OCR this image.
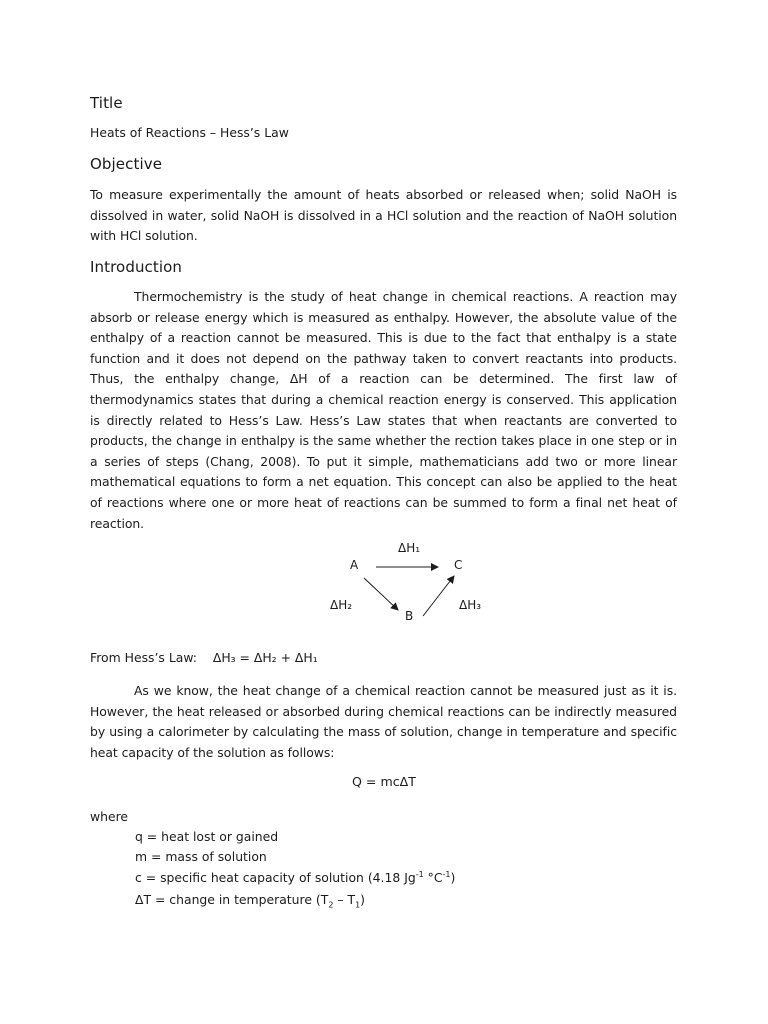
Title
Heats of Reactions – Hess’s Law
Objective
To measure experimentally the amount of heats absorbed or released when; solid NaOH is dissolved in water, solid NaOH is dissolved in a HCl solution and the reaction of NaOH solution with HCl solution.
Introduction
Thermochemistry is the study of heat change in chemical reactions. A reaction may absorb or release energy which is measured as enthalpy. However, the absolute value of the enthalpy of a reaction cannot be measured. This is due to the fact that enthalpy is a state function and it does not depend on the pathway taken to convert reactants into products. Thus, the enthalpy change, ΔH of a reaction can be determined. The first law of thermodynamics states that during a chemical reaction energy is conserved. This application is directly related to Hess’s Law. Hess’s Law states that when reactants are converted to products, the change in enthalpy is the same whether the rection takes place in one step or in a series of steps (Chang, 2008). To put it simple, mathematicians add two or more linear mathematical equations to form a net equation. This concept can also be applied to the heat of reactions where one or more heat of reactions can be summed to form a final net heat of reaction.
ΔH₁
A	C
ΔH₂
B
ΔH₃
From Hess’s Law: ΔH₃ = ΔH₂ + ΔH₁
As we know, the heat change of a chemical reaction cannot be measured just as it is. However, the heat released or absorbed during chemical reactions can be indirectly measured by using a calorimeter by calculating the mass of solution, change in temperature and specific heat capacity of the solution as follows:
Q = mcΔT
where
q = heat lost or gained
m = mass of solution
c = specific heat capacity of solution (4.18 $Jg^{-1}$ $^\circ C^{-1}$)
ΔT = change in temperature $(T_2 - T_1)$
